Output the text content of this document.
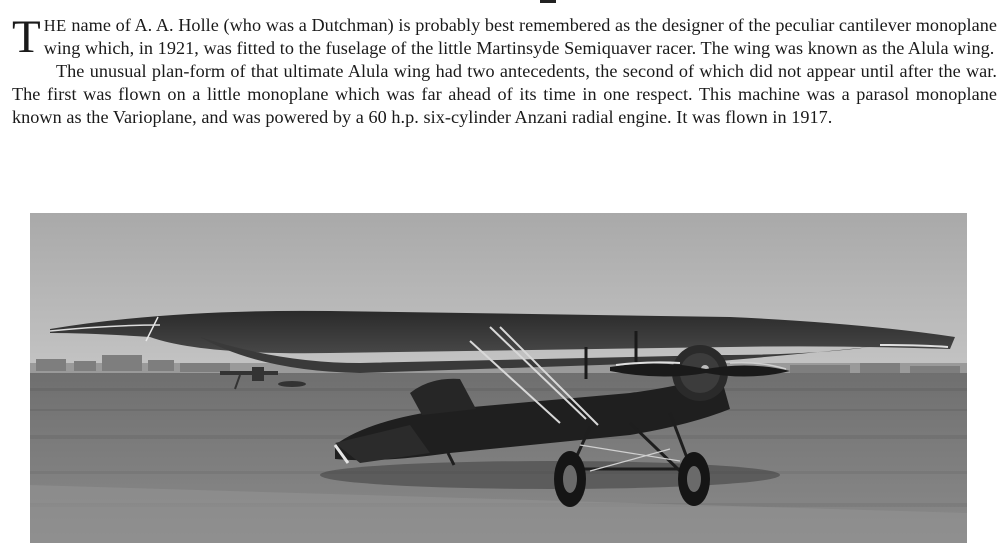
THE name of A. A. Holle (who was a Dutchman) is probably best remembered as the designer of the peculiar cantilever monoplane wing which, in 1921, was fitted to the fuselage of the little Martinsyde Semiquaver racer. The wing was known as the Alula wing.

The unusual plan-form of that ultimate Alula wing had two antecedents, the second of which did not appear until after the war. The first was flown on a little monoplane which was far ahead of its time in one respect. This machine was a parasol monoplane known as the Varioplane, and was powered by a 60 h.p. six-cylinder Anzani radial engine. It was flown in 1917.
